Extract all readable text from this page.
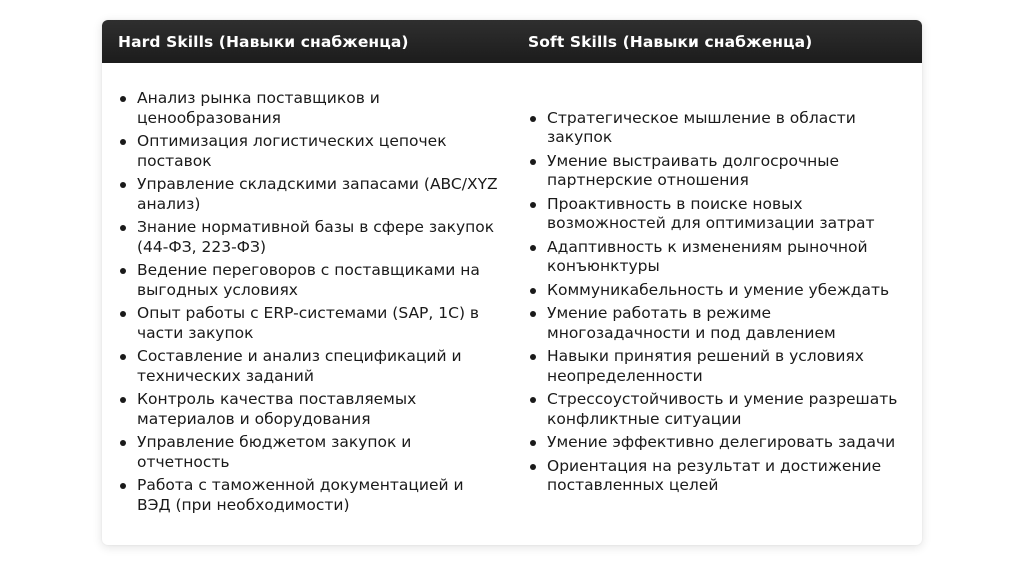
Hard Skills (Навыки снабженца)	Soft Skills (Навыки снабженца)
Анализ рынка поставщиков и ценообразования
Оптимизация логистических цепочек поставок
Управление складскими запасами (ABC/XYZ анализ)
Знание нормативной базы в сфере закупок (44-ФЗ, 223-ФЗ)
Ведение переговоров с поставщиками на выгодных условиях
Опыт работы с ERP-системами (SAP, 1С) в части закупок
Составление и анализ спецификаций и технических заданий
Контроль качества поставляемых материалов и оборудования
Управление бюджетом закупок и отчетность
Работа с таможенной документацией и ВЭД (при необходимости)
Стратегическое мышление в области закупок
Умение выстраивать долгосрочные партнерские отношения
Проактивность в поиске новых возможностей для оптимизации затрат
Адаптивность к изменениям рыночной конъюнктуры
Коммуникабельность и умение убеждать
Умение работать в режиме многозадачности и под давлением
Навыки принятия решений в условиях неопределенности
Стрессоустойчивость и умение разрешать конфликтные ситуации
Умение эффективно делегировать задачи
Ориентация на результат и достижение поставленных целей
